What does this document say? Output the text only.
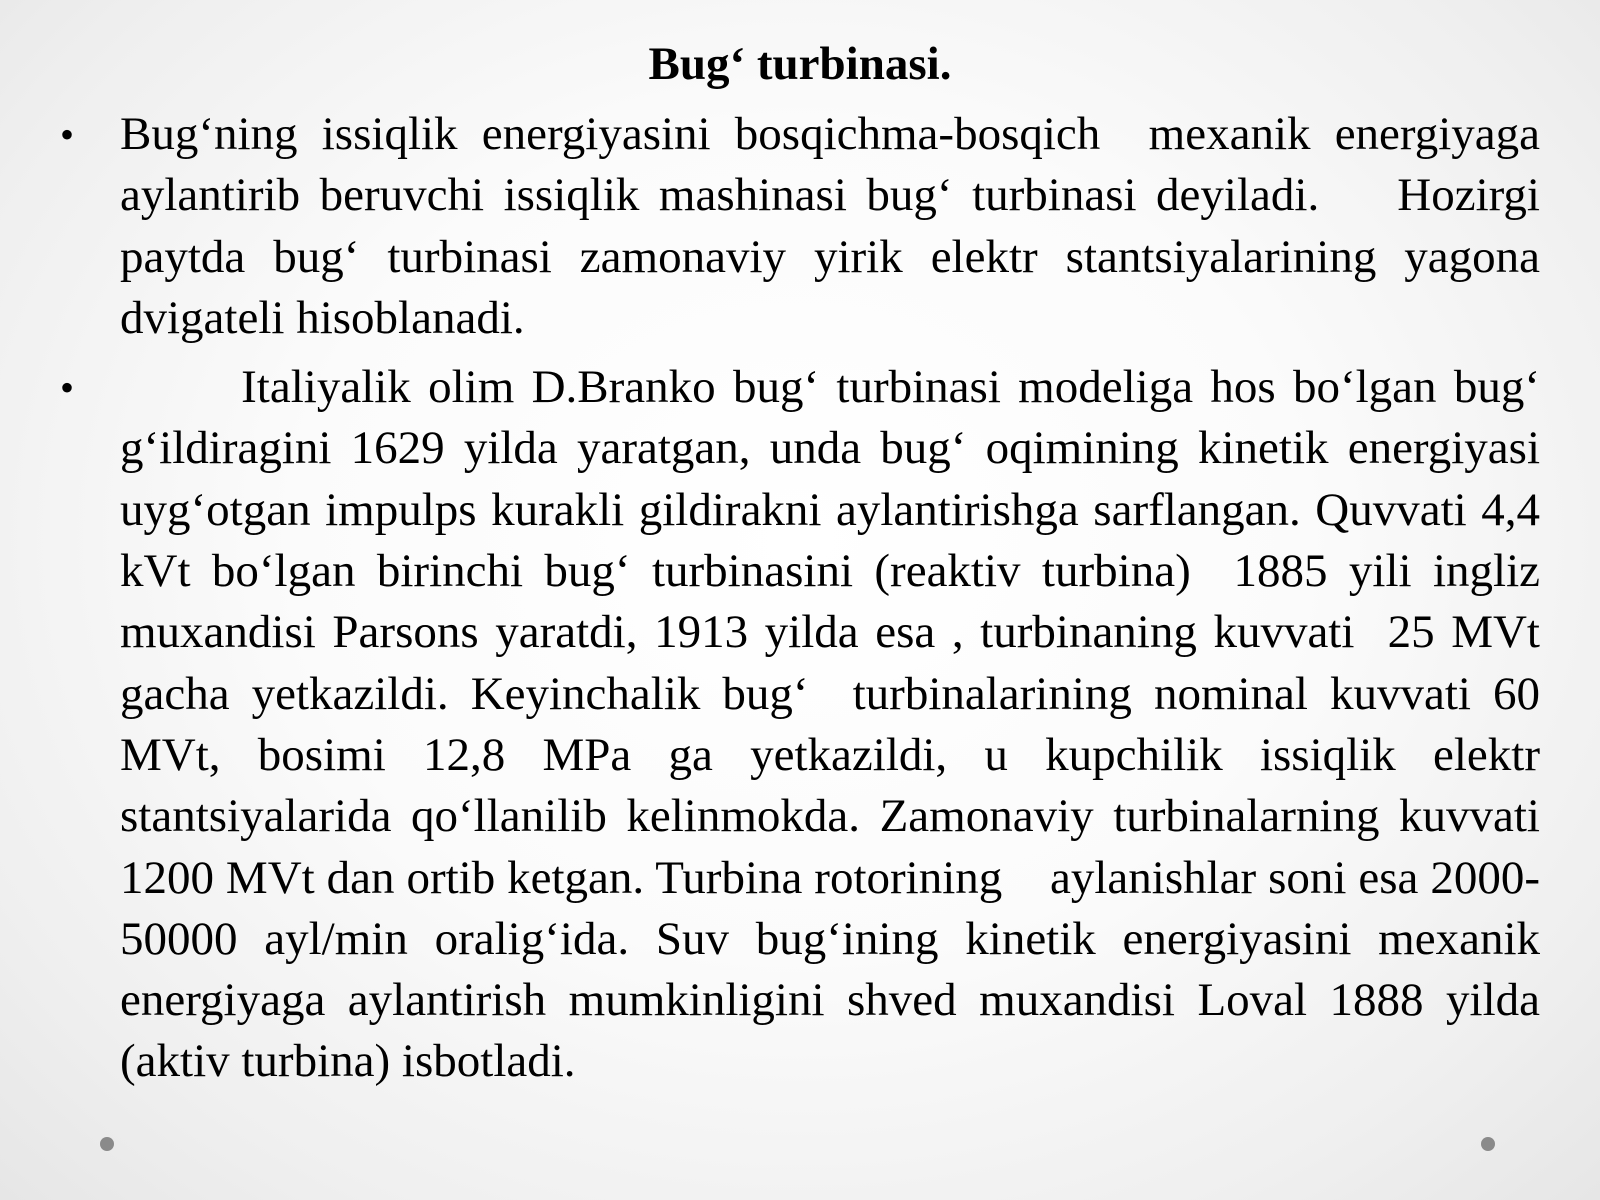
Bug‘ turbinasi.
• Bug‘ning issiqlik energiyasini bosqichma-bosqich  mexanik energiyaga aylantirib beruvchi issiqlik mashinasi bug‘ turbinasi deyiladi.    Hozirgi paytda bug‘ turbinasi zamonaviy yirik elektr stantsiyalarining yagona dvigateli hisoblanadi.
• Italiyalik olim D.Branko bug‘ turbinasi modeliga hos bo‘lgan bug‘ g‘ildiragini 1629 yilda yaratgan, unda bug‘ oqimining kinetik energiyasi  uyg‘otgan impulps kurakli gildirakni aylantirishga sarflangan. Quvvati 4,4 kVt bo‘lgan birinchi bug‘ turbinasini (reaktiv turbina)  1885 yili ingliz muxandisi Parsons yaratdi, 1913 yilda esa , turbinaning kuvvati  25 MVt  gacha yetkazildi. Keyinchalik bug‘  turbinalarining nominal kuvvati 60 MVt, bosimi 12,8 MPa ga yetkazildi, u kupchilik issiqlik elektr stantsiyalarida qo‘llanilib kelinmokda. Zamonaviy turbinalarning kuvvati 1200 MVt dan ortib ketgan. Turbina rotorining    aylanishlar soni esa 2000-50000 ayl/min oralig‘ida. Suv bug‘ining kinetik energiyasini mexanik energiyaga aylantirish mumkinligini shved muxandisi Loval 1888 yilda (aktiv turbina) isbotladi.
